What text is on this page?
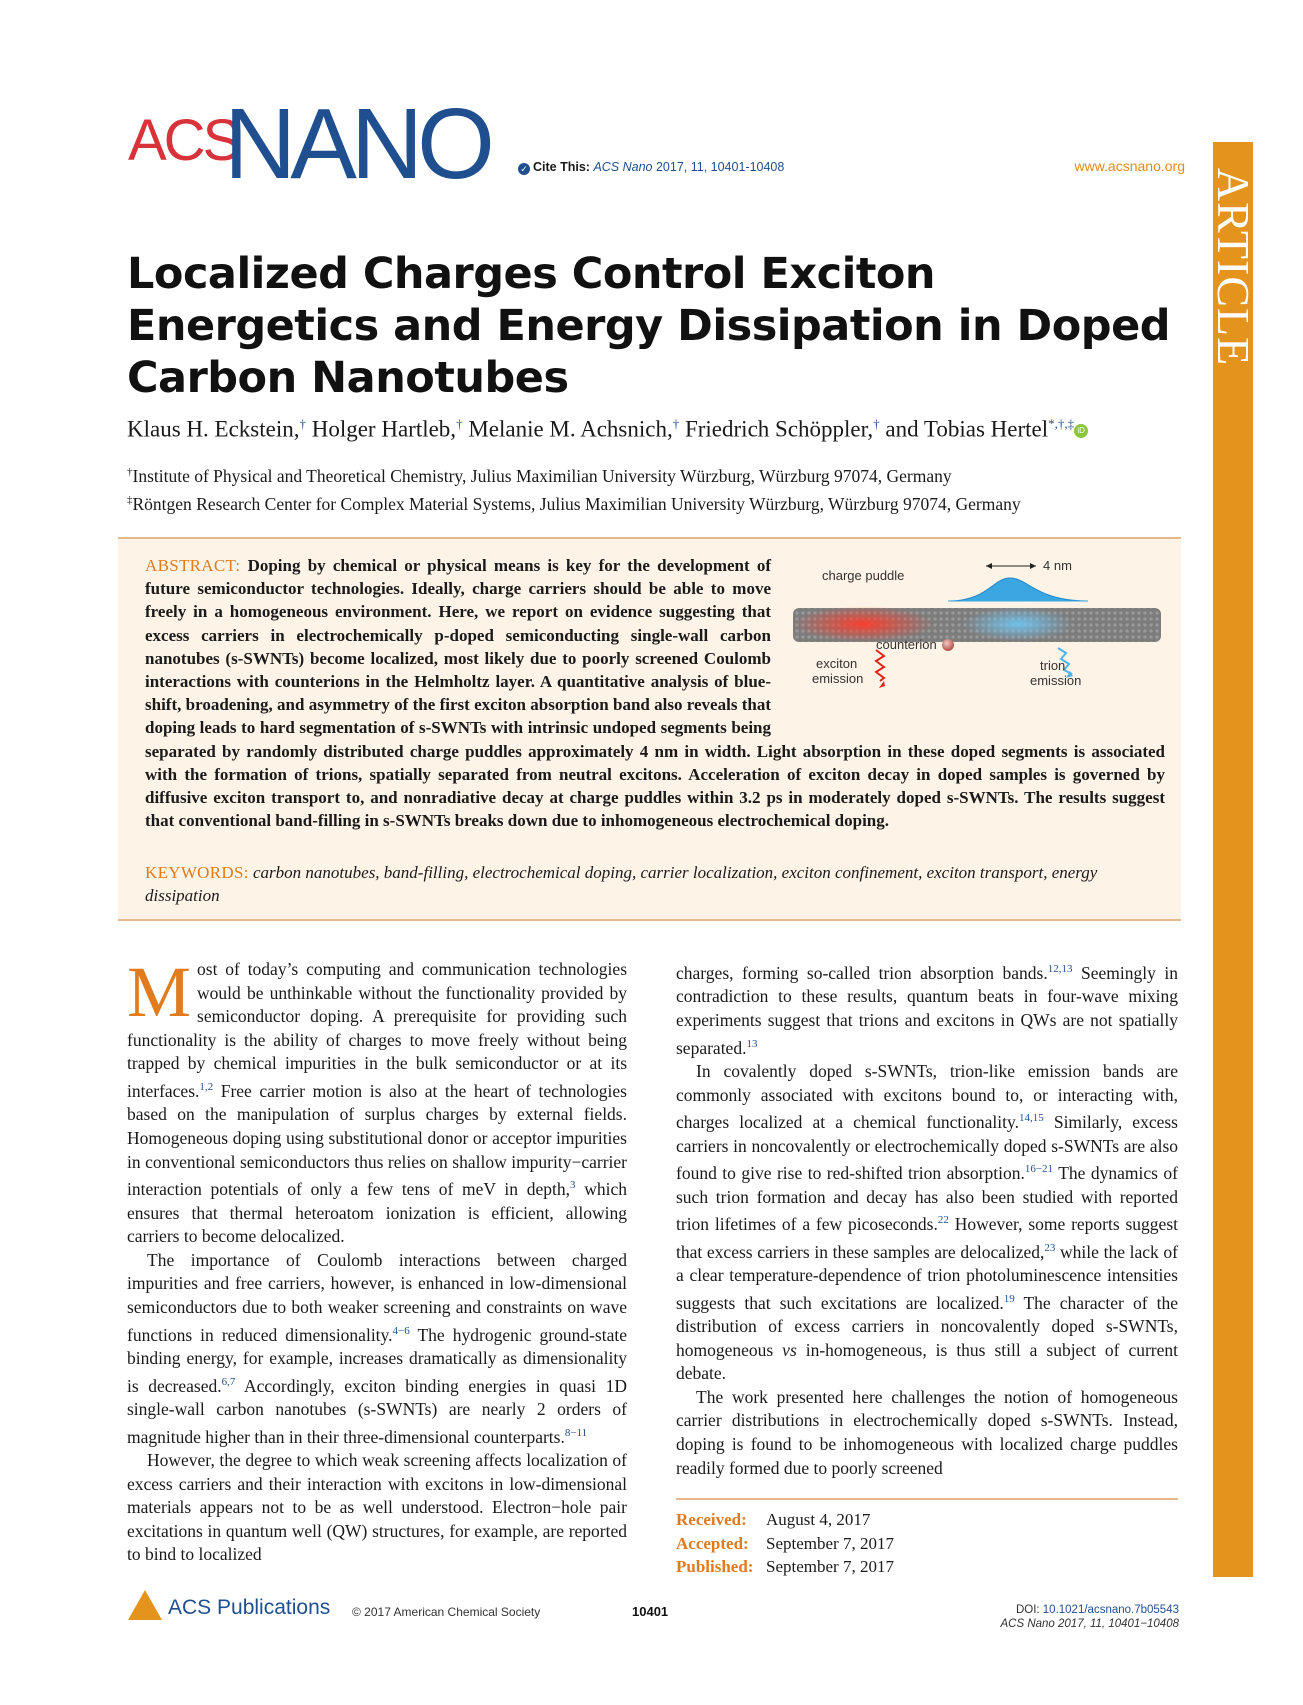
ACS
NANO	✓ Cite This: ACS Nano 2017, 11, 10401-10408	www.acsnano.org
ARTICLE
Localized Charges Control Exciton Energetics and Energy Dissipation in Doped Carbon Nanotubes
Klaus H. Eckstein,† Holger Hartleb,† Melanie M. Achsnich,† Friedrich Schöppler,† and Tobias Hertel*,†,‡ iD
†Institute of Physical and Theoretical Chemistry, Julius Maximilian University Würzburg, Würzburg 97074, Germany
‡Röntgen Research Center for Complex Material Systems, Julius Maximilian University Würzburg, Würzburg 97074, Germany
ABSTRACT: Doping by chemical or physical means is key for the development of future semiconductor technologies. Ideally, charge carriers should be able to move freely in a homogeneous environment. Here, we report on evidence suggesting that excess carriers in electrochemically p-doped semiconducting single-wall carbon nanotubes (s-SWNTs) become localized, most likely due to poorly screened Coulomb interactions with counterions in the Helmholtz layer. A quantitative analysis of blue-shift, broadening, and asymmetry of the first exciton absorption band also reveals that doping leads to hard segmentation of s-SWNTs with intrinsic undoped segments being separated by randomly distributed charge puddles approximately 4 nm in width. Light absorption in these doped segments is associated with the formation of trions, spatially separated from neutral excitons. Acceleration of exciton decay in doped samples is governed by diffusive exciton transport to, and nonradiative decay at charge puddles within 3.2 ps in moderately doped s-SWNTs. The results suggest that conventional band-filling in s-SWNTs breaks down due to inhomogeneous electrochemical doping.
charge puddle
4 nm
counterion
exciton
emission
trion
emission
KEYWORDS: carbon nanotubes, band-filling, electrochemical doping, carrier localization, exciton confinement, exciton transport, energy dissipation

Most of today’s computing and communication technologies would be unthinkable without the functionality provided by semiconductor doping. A prerequisite for providing such functionality is the ability of charges to move freely without being trapped by chemical impurities in the bulk semiconductor or at its interfaces.$^{1,2}$ Free carrier motion is also at the heart of technologies based on the manipulation of surplus charges by external fields. Homogeneous doping using substitutional donor or acceptor impurities in conventional semiconductors thus relies on shallow impurity−carrier interaction potentials of only a few tens of meV in depth,$^3$ which ensures that thermal heteroatom ionization is efficient, allowing carriers to become delocalized.

The importance of Coulomb interactions between charged impurities and free carriers, however, is enhanced in low-dimensional semiconductors due to both weaker screening and constraints on wave functions in reduced dimensionality.$^{4-6}$ The hydrogenic ground-state binding energy, for example, increases dramatically as dimensionality is decreased.$^{6,7}$ Accordingly, exciton binding energies in quasi 1D single-wall carbon nanotubes (s-SWNTs) are nearly 2 orders of magnitude higher than in their three-dimensional counterparts.$^{8-11}$

However, the degree to which weak screening affects localization of excess carriers and their interaction with excitons in low-dimensional materials appears not to be as well understood. Electron−hole pair excitations in quantum well (QW) structures, for example, are reported to bind to localized

charges, forming so-called trion absorption bands.$^{12,13}$ Seemingly in contradiction to these results, quantum beats in four-wave mixing experiments suggest that trions and excitons in QWs are not spatially separated.$^{13}$

In covalently doped s-SWNTs, trion-like emission bands are commonly associated with excitons bound to, or interacting with, charges localized at a chemical functionality.$^{14,15}$ Similarly, excess carriers in noncovalently or electrochemically doped s-SWNTs are also found to give rise to red-shifted trion absorption.$^{16-21}$ The dynamics of such trion formation and decay has also been studied with reported trion lifetimes of a few picoseconds.$^{22}$ However, some reports suggest that excess carriers in these samples are delocalized,$^{23}$ while the lack of a clear temperature-dependence of trion photoluminescence intensities suggests that such excitations are localized.$^{19}$ The character of the distribution of excess carriers in noncovalently doped s-SWNTs, homogeneous vs in-homogeneous, is thus still a subject of current debate.

The work presented here challenges the notion of homogeneous carrier distributions in electrochemically doped s-SWNTs. Instead, doping is found to be inhomogeneous with localized charge puddles readily formed due to poorly screened

Received:	August 4, 2017
Accepted:	September 7, 2017
Published: September 7, 2017
ACS Publications © 2017 American Chemical Society	10401	DOI: 10.1021/acsnano.7b05543
ACS Nano 2017, 11, 10401−10408
